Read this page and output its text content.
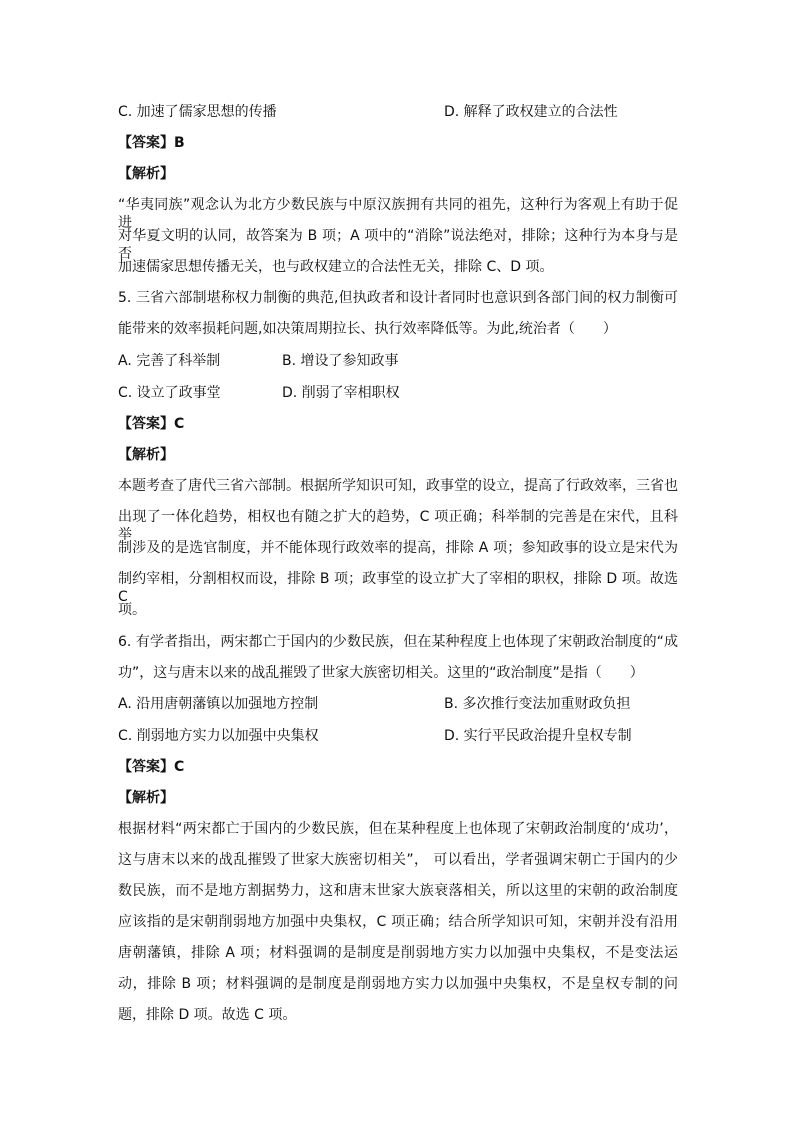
C. 加速了儒家思想的传播	D. 解释了政权建立的合法性
【答案】B
【解析】
“华夷同族”观念认为北方少数民族与中原汉族拥有共同的祖先，这种行为客观上有助于促进
对华夏文明的认同，故答案为 B 项；A 项中的“消除”说法绝对，排除；这种行为本身与是否
加速儒家思想传播无关，也与政权建立的合法性无关，排除 C、D 项。
5. 三省六部制堪称权力制衡的典范,但执政者和设计者同时也意识到各部门间的权力制衡可
能带来的效率损耗问题,如决策周期拉长、执行效率降低等。为此,统治者（　　）
A. 完善了科举制	B. 增设了参知政事
C. 设立了政事堂	D. 削弱了宰相职权
【答案】C
【解析】
本题考查了唐代三省六部制。根据所学知识可知，政事堂的设立，提高了行政效率，三省也
出现了一体化趋势，相权也有随之扩大的趋势，C 项正确；科举制的完善是在宋代，且科举
制涉及的是选官制度，并不能体现行政效率的提高，排除 A 项；参知政事的设立是宋代为
制约宰相，分割相权而设，排除 B 项；政事堂的设立扩大了宰相的职权，排除 D 项。故选 C
项。
6. 有学者指出，两宋都亡于国内的少数民族，但在某种程度上也体现了宋朝政治制度的“成
功”，这与唐末以来的战乱摧毁了世家大族密切相关。这里的“政治制度”是指（　　）
A. 沿用唐朝藩镇以加强地方控制	B. 多次推行变法加重财政负担
C. 削弱地方实力以加强中央集权	D. 实行平民政治提升皇权专制
【答案】C
【解析】
根据材料“两宋都亡于国内的少数民族，但在某种程度上也体现了宋朝政治制度的‘成功’，
这与唐末以来的战乱摧毁了世家大族密切相关”， 可以看出，学者强调宋朝亡于国内的少
数民族，而不是地方割据势力，这和唐末世家大族衰落相关，所以这里的宋朝的政治制度
应该指的是宋朝削弱地方加强中央集权，C 项正确；结合所学知识可知，宋朝并没有沿用
唐朝藩镇，排除 A 项；材料强调的是制度是削弱地方实力以加强中央集权，不是变法运
动，排除 B 项；材料强调的是制度是削弱地方实力以加强中央集权，不是皇权专制的问
题，排除 D 项。故选 C 项。
